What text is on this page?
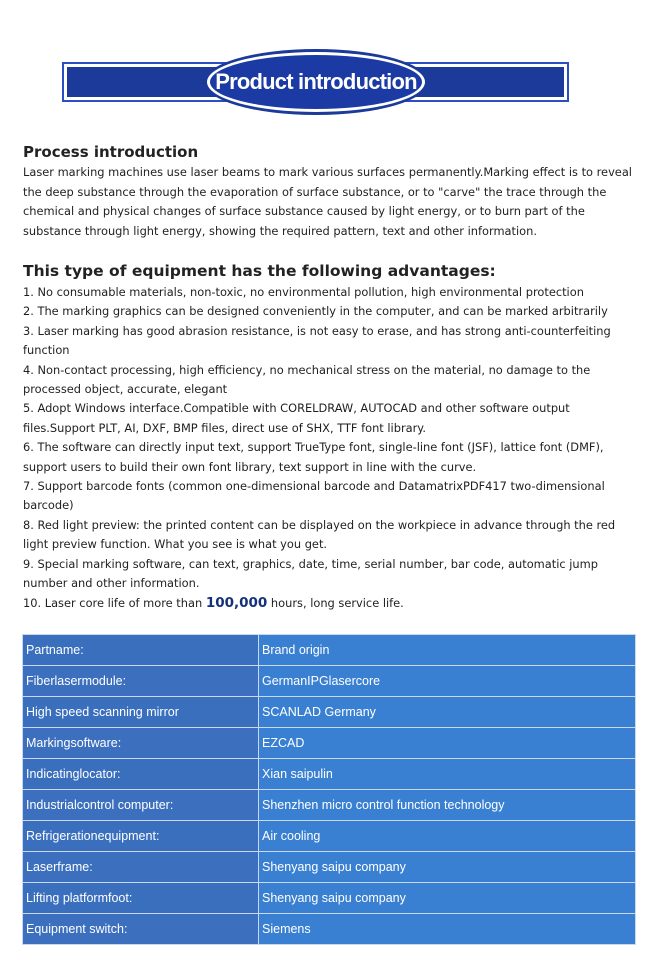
Product introduction
Process introduction

Laser marking machines use laser beams to mark various surfaces permanently.Marking effect is to reveal the deep substance through the evaporation of surface substance, or to "carve" the trace through the chemical and physical changes of surface substance caused by light energy, or to burn part of the substance through light energy, showing the required pattern, text and other information.

This type of equipment has the following advantages:
1. No consumable materials, non-toxic, no environmental pollution, high environmental protection
2. The marking graphics can be designed conveniently in the computer, and can be marked arbitrarily
3. Laser marking has good abrasion resistance, is not easy to erase, and has strong anti-counterfeiting function
4. Non-contact processing, high efficiency, no mechanical stress on the material, no damage to the processed object, accurate, elegant
5. Adopt Windows interface.Compatible with CORELDRAW, AUTOCAD and other software output files.Support PLT, AI, DXF, BMP files, direct use of SHX, TTF font library.
6. The software can directly input text, support TrueType font, single-line font (JSF), lattice font (DMF), support users to build their own font library, text support in line with the curve.
7. Support barcode fonts (common one-dimensional barcode and DatamatrixPDF417 two-dimensional barcode)
8. Red light preview: the printed content can be displayed on the workpiece in advance through the red light preview function. What you see is what you get.
9. Special marking software, can text, graphics, date, time, serial number, bar code, automatic jump number and other information.
10. Laser core life of more than 100,000 hours, long service life.
Partname:	Brand origin
Fiberlasermodule:	GermanIPGlasercore
High speed scanning mirror	SCANLAD Germany
Markingsoftware:	EZCAD
Indicatinglocator:	Xian saipulin
Industrialcontrol computer:	Shenzhen micro control function technology
Refrigerationequipment:	Air cooling
Laserframe:	Shenyang saipu company
Lifting platformfoot:	Shenyang saipu company
Equipment switch:	Siemens
